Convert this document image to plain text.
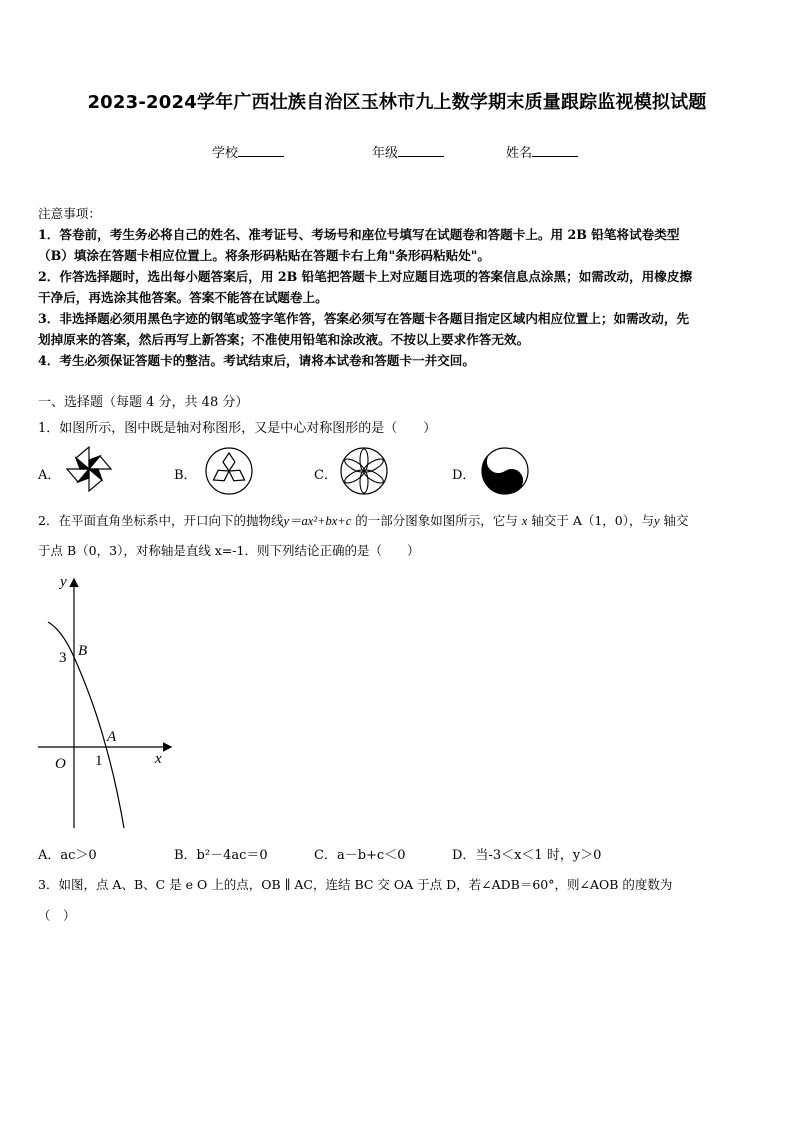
2023-2024学年广西壮族自治区玉林市九上数学期末质量跟踪监视模拟试题
学校	年级	姓名
注意事项：
1．答卷前，考生务必将自己的姓名、准考证号、考场号和座位号填写在试题卷和答题卡上。用 2B 铅笔将试卷类型
（B）填涂在答题卡相应位置上。将条形码粘贴在答题卡右上角"条形码粘贴处"。
2．作答选择题时，选出每小题答案后，用 2B 铅笔把答题卡上对应题目选项的答案信息点涂黑；如需改动，用橡皮擦
干净后，再选涂其他答案。答案不能答在试题卷上。
3．非选择题必须用黑色字迹的钢笔或签字笔作答，答案必须写在答题卡各题目指定区域内相应位置上；如需改动，先
划掉原来的答案，然后再写上新答案；不准使用铅笔和涂改液。不按以上要求作答无效。
4．考生必须保证答题卡的整洁。考试结束后，请将本试卷和答题卡一并交回。
一、选择题（每题 4 分，共 48 分）
1．如图所示，图中既是轴对称图形，又是中心对称图形的是（　　）
A．	B．	C．	D．
2．在平面直角坐标系中，开口向下的抛物线y＝ax²+bx+c 的一部分图象如图所示，它与 x 轴交于 A（1，0），与y 轴交
于点 B（0，3），对称轴是直线 x=-1．则下列结论正确的是（　　）
y
x
O
B
A
3
1
A．ac＞0	B．b²－4ac＝0	C．a－b+c＜0	D．当-3＜x＜1 时，y＞0
3．如图，点 A、B、C 是 e O 上的点，OB ∥ AC，连结 BC 交 OA 于点 D，若∠ADB＝60°，则∠AOB 的度数为
（　）
